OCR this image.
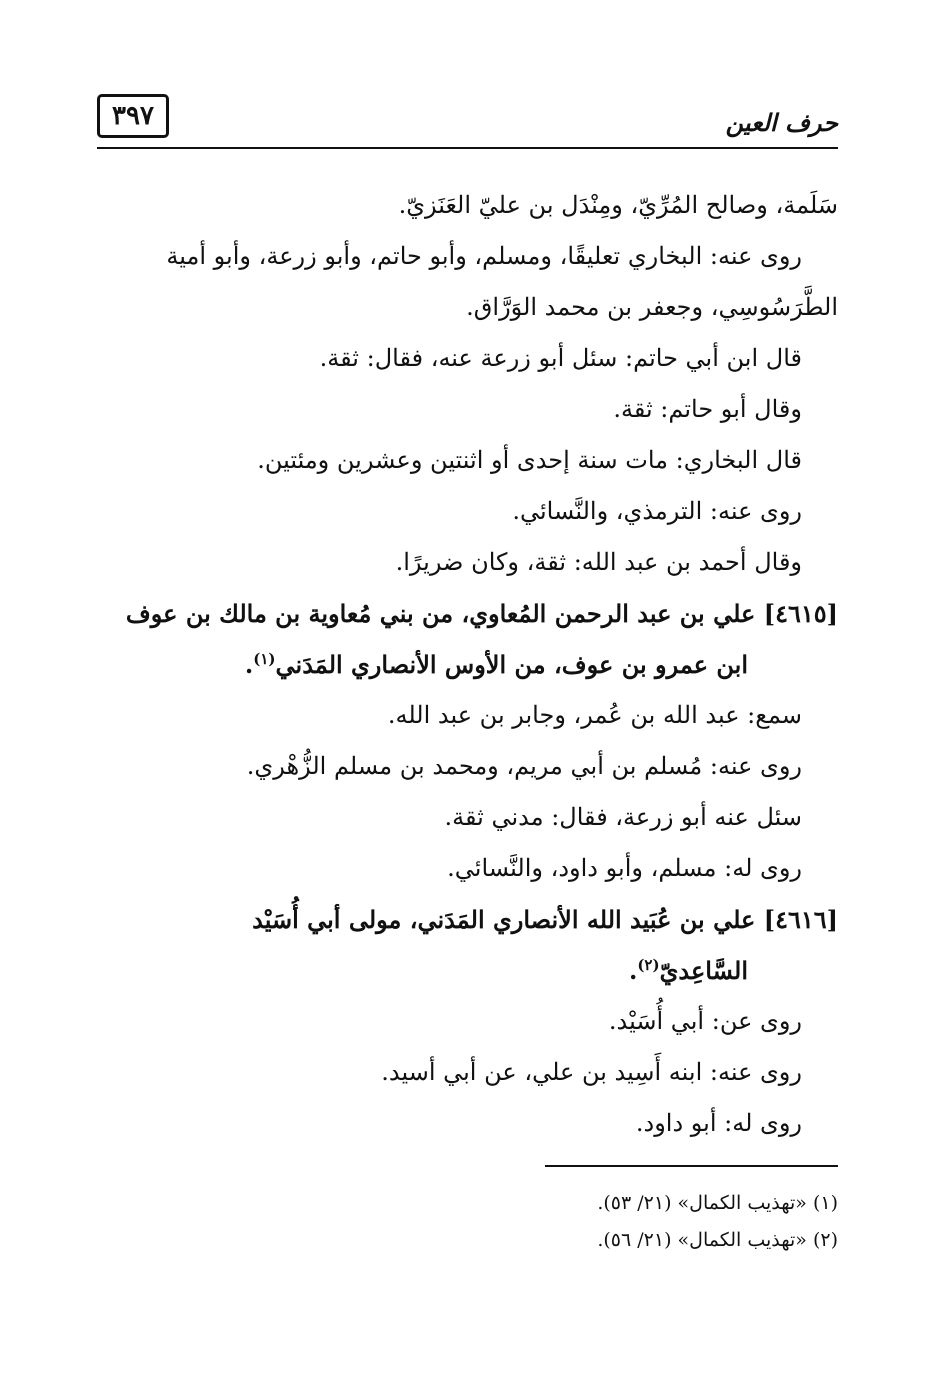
٣٩٧	حرف العين
سَلَمة، وصالح المُرِّيّ، ومِنْدَل بن عليّ العَنَزيّ.
روى عنه: البخاري تعليقًا، ومسلم، وأبو حاتم، وأبو زرعة، وأبو أمية
الطَّرَسُوسِي، وجعفر بن محمد الوَرَّاق.
قال ابن أبي حاتم: سئل أبو زرعة عنه، فقال: ثقة.
وقال أبو حاتم: ثقة.
قال البخاري: مات سنة إحدى أو اثنتين وعشرين ومئتين.
روى عنه: الترمذي، والنَّسائي.
وقال أحمد بن عبد الله: ثقة، وكان ضريرًا.
[٤٦١٥] علي بن عبد الرحمن المُعاوي، من بني مُعاوية بن مالك بن عوف
ابن عمرو بن عوف، من الأوس الأنصاري المَدَني$^{(١)}$.
سمع: عبد الله بن عُمر، وجابر بن عبد الله.
روى عنه: مُسلم بن أبي مريم، ومحمد بن مسلم الزُّهْري.
سئل عنه أبو زرعة، فقال: مدني ثقة.
روى له: مسلم، وأبو داود، والنَّسائي.
[٤٦١٦] علي بن عُبَيد الله الأنصاري المَدَني، مولى أبي أُسَيْد
السَّاعِديّ$^{(٢)}$.
روى عن: أبي أُسَيْد.
روى عنه: ابنه أَسِيد بن علي، عن أبي أسيد.
روى له: أبو داود.
(١) «تهذيب الكمال» (٢١/ ٥٣).
(٢) «تهذيب الكمال» (٢١/ ٥٦).
